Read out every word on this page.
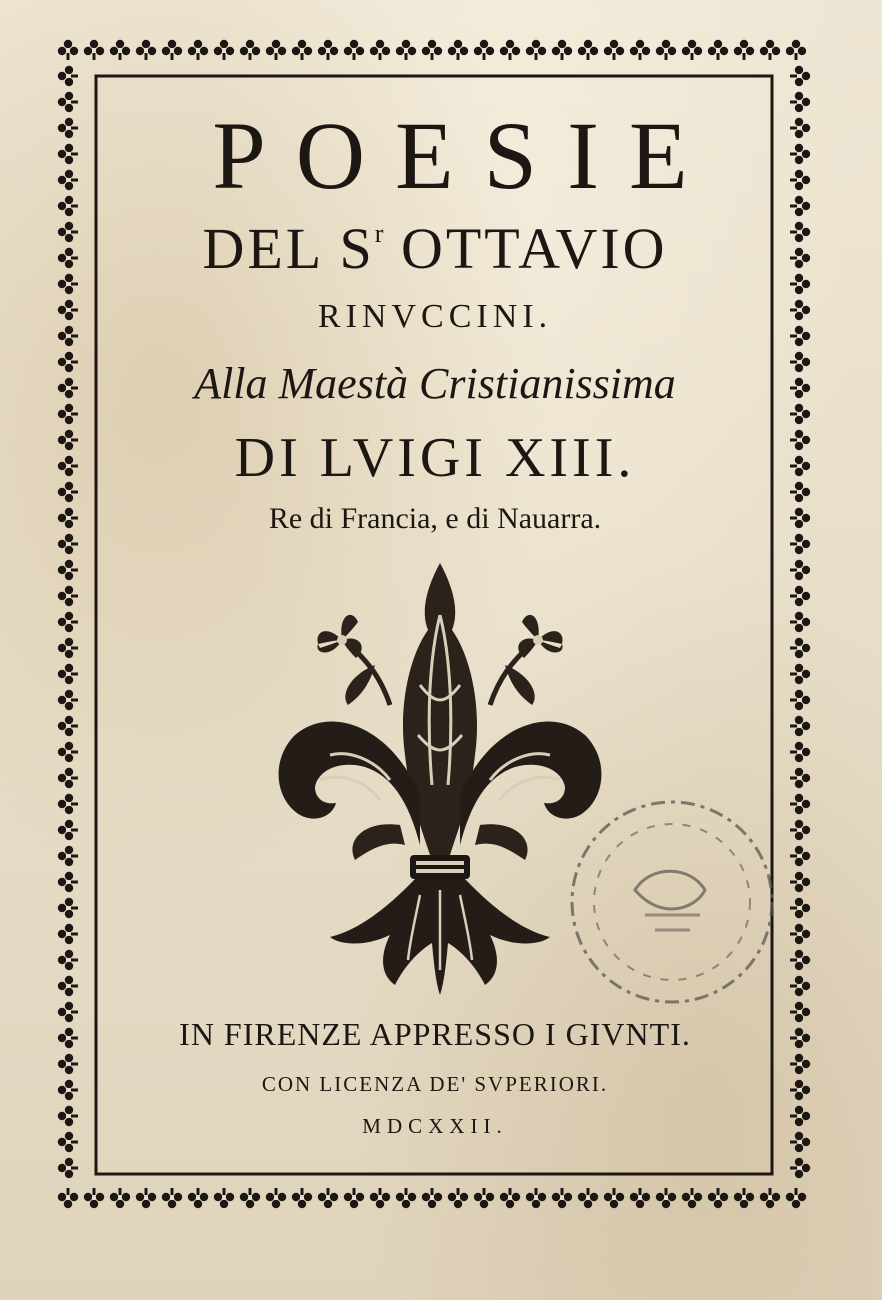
POESIE
DEL $S^r$ OTTAVIO
RINVCCINI.
Alla Maestà Cristianissima
DI LVIGI XIII.
Re di Francia, e di Nauarra.
IN FIRENZE APPRESSO I GIVNTI.
CON LICENZA DE' SVPERIORI.
MDCXXII.
